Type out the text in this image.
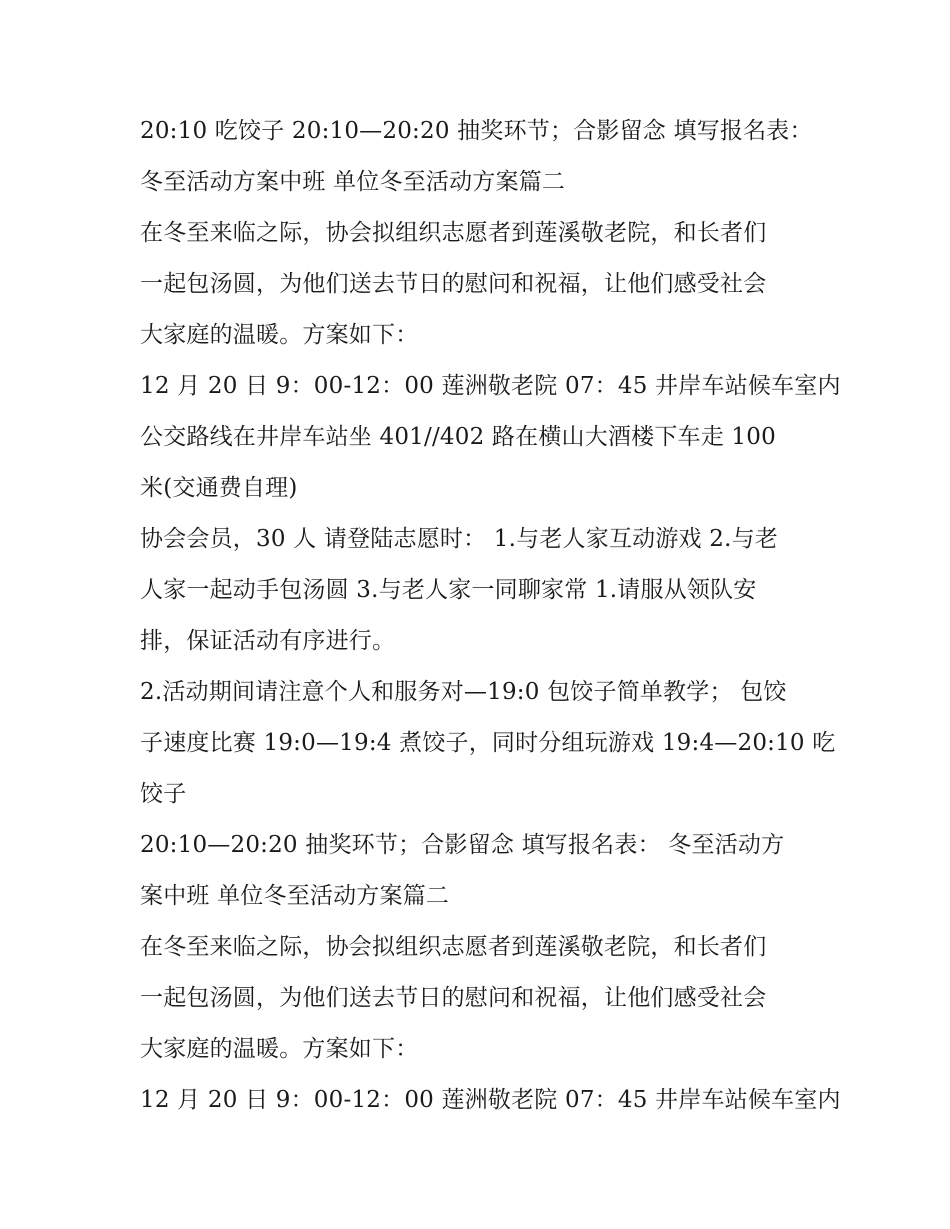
20:10 吃饺子 20:10—20:20 抽奖环节；合影留念 填写报名表：

冬至活动方案中班 单位冬至活动方案篇二

在冬至来临之际，协会拟组织志愿者到莲溪敬老院，和长者们

一起包汤圆，为他们送去节日的慰问和祝福，让他们感受社会

大家庭的温暖。方案如下：

12 月 20 日 9：00-12：00 莲洲敬老院 07：45 井岸车站候车室内

公交路线在井岸车站坐 401//402 路在横山大酒楼下车走 100

米(交通费自理)

协会会员，30 人 请登陆志愿时： 1.与老人家互动游戏 2.与老

人家一起动手包汤圆 3.与老人家一同聊家常 1.请服从领队安

排，保证活动有序进行。

2.活动期间请注意个人和服务对—19:0 包饺子简单教学； 包饺

子速度比赛 19:0—19:4 煮饺子，同时分组玩游戏 19:4—20:10 吃

饺子

20:10—20:20 抽奖环节；合影留念 填写报名表： 冬至活动方

案中班 单位冬至活动方案篇二

在冬至来临之际，协会拟组织志愿者到莲溪敬老院，和长者们

一起包汤圆，为他们送去节日的慰问和祝福，让他们感受社会

大家庭的温暖。方案如下：

12 月 20 日 9：00-12：00 莲洲敬老院 07：45 井岸车站候车室内
